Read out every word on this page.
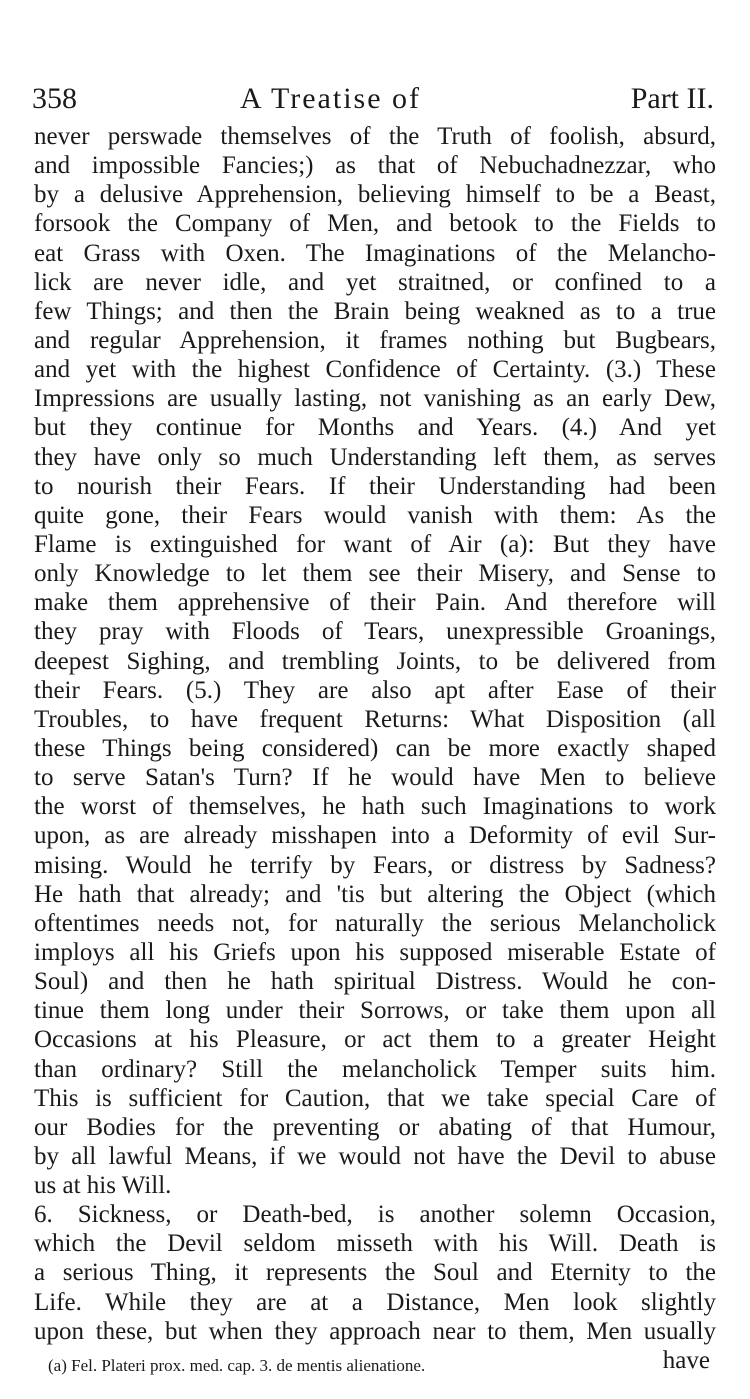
358	A Treatise of	Part II.
never perswade themselves of the Truth of foolish, absurd,
and impossible Fancies;) as that of Nebuchadnezzar, who
by a delusive Apprehension, believing himself to be a Beast,
forsook the Company of Men, and betook to the Fields to
eat Grass with Oxen. The Imaginations of the Melancho-
lick are never idle, and yet straitned, or confined to a
few Things; and then the Brain being weakned as to a true
and regular Apprehension, it frames nothing but Bugbears,
and yet with the highest Confidence of Certainty. (3.) These
Impressions are usually lasting, not vanishing as an early Dew,
but they continue for Months and Years. (4.) And yet
they have only so much Understanding left them, as serves
to nourish their Fears. If their Understanding had been
quite gone, their Fears would vanish with them: As the
Flame is extinguished for want of Air (a): But they have
only Knowledge to let them see their Misery, and Sense to
make them apprehensive of their Pain. And therefore will
they pray with Floods of Tears, unexpressible Groanings,
deepest Sighing, and trembling Joints, to be delivered from
their Fears. (5.) They are also apt after Ease of their
Troubles, to have frequent Returns: What Disposition (all
these Things being considered) can be more exactly shaped
to serve Satan's Turn? If he would have Men to believe
the worst of themselves, he hath such Imaginations to work
upon, as are already misshapen into a Deformity of evil Sur-
mising. Would he terrify by Fears, or distress by Sadness?
He hath that already; and 'tis but altering the Object (which
oftentimes needs not, for naturally the serious Melancholick
imploys all his Griefs upon his supposed miserable Estate of
Soul) and then he hath spiritual Distress. Would he con-
tinue them long under their Sorrows, or take them upon all
Occasions at his Pleasure, or act them to a greater Height
than ordinary? Still the melancholick Temper suits him.
This is sufficient for Caution, that we take special Care of
our Bodies for the preventing or abating of that Humour,
by all lawful Means, if we would not have the Devil to abuse
us at his Will.
6. Sickness, or Death-bed, is another solemn Occasion,
which the Devil seldom misseth with his Will. Death is
a serious Thing, it represents the Soul and Eternity to the
Life. While they are at a Distance, Men look slightly
upon these, but when they approach near to them, Men usually
have
(a) Fel. Plateri prox. med. cap. 3. de mentis alienatione.
